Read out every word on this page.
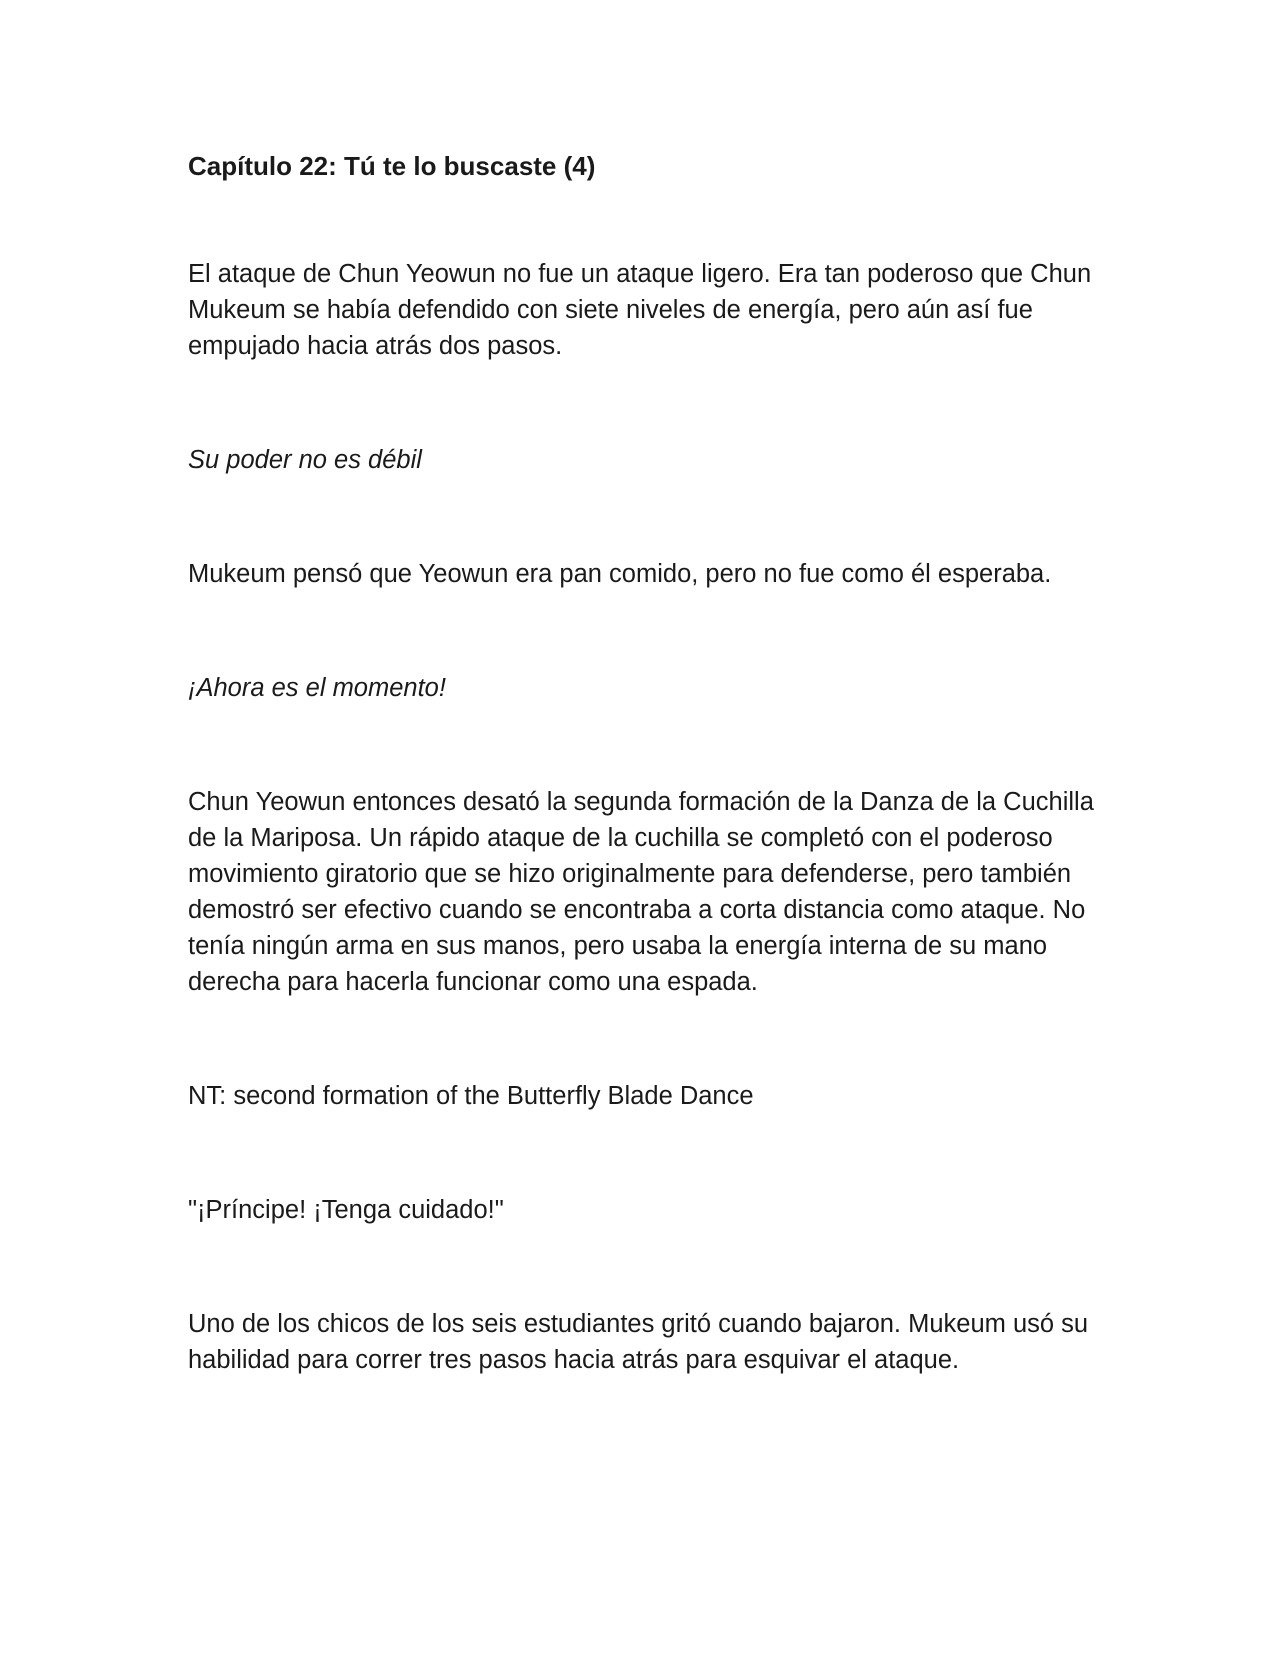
Capítulo 22: Tú te lo buscaste (4)
El ataque de Chun Yeowun no fue un ataque ligero. Era tan poderoso que Chun Mukeum se había defendido con siete niveles de energía, pero aún así fue empujado hacia atrás dos pasos.
Su poder no es débil
Mukeum pensó que Yeowun era pan comido, pero no fue como él esperaba.
¡Ahora es el momento!
Chun Yeowun entonces desató la segunda formación de la Danza de la Cuchilla de la Mariposa. Un rápido ataque de la cuchilla se completó con el poderoso movimiento giratorio que se hizo originalmente para defenderse, pero también demostró ser efectivo cuando se encontraba a corta distancia como ataque. No tenía ningún arma en sus manos, pero usaba la energía interna de su mano derecha para hacerla funcionar como una espada.
NT: second formation of the Butterfly Blade Dance
"¡Príncipe! ¡Tenga cuidado!"
Uno de los chicos de los seis estudiantes gritó cuando bajaron. Mukeum usó su habilidad para correr tres pasos hacia atrás para esquivar el ataque.
